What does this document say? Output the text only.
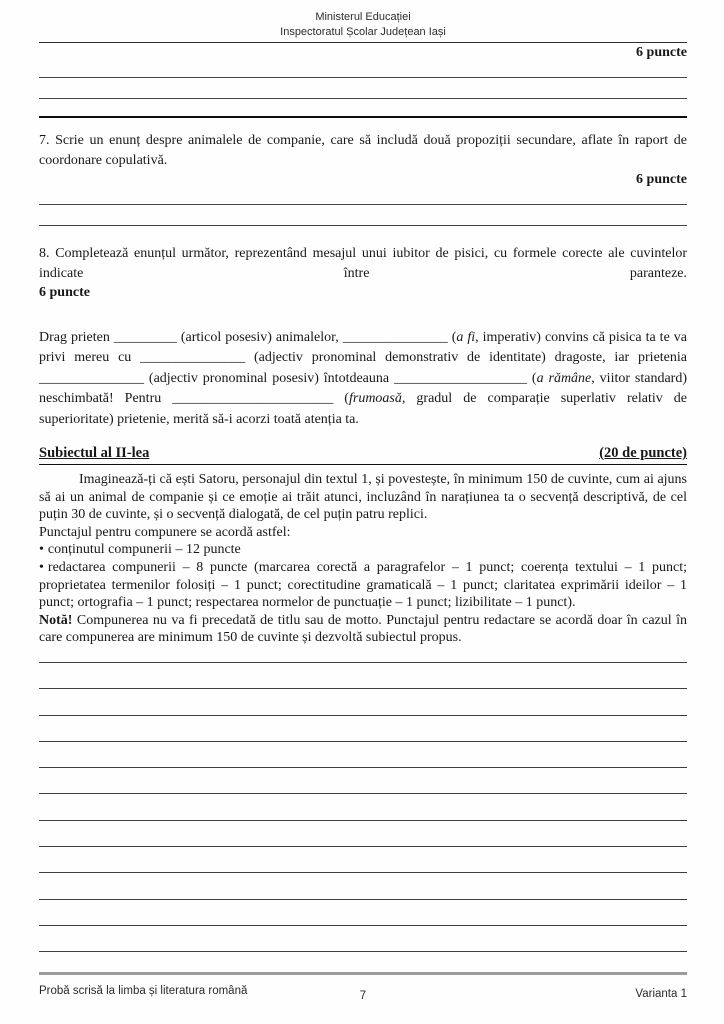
Ministerul Educației
Inspectoratul Școlar Județean Iași
6 puncte

7. Scrie un enunț despre animalele de companie, care să includă două propoziții secundare, aflate în raport de coordonare copulativă.

6 puncte

8. Completează enunțul următor, reprezentând mesajul unui iubitor de pisici, cu formele corecte ale cuvintelor indicate între paranteze.

6 puncte

Drag prieten _________ (articol posesiv) animalelor, _______________ (a fi, imperativ) convins că pisica ta te va privi mereu cu _______________ (adjectiv pronominal demonstrativ de identitate) dragoste, iar prietenia _______________ (adjectiv pronominal posesiv) întotdeauna ___________________ (a rămâne, viitor standard) neschimbată! Pentru _______________________ (frumoasă, gradul de comparație superlativ relativ de superioritate) prietenie, merită să-i acorzi toată atenția ta.

Subiectul al II-lea	(20 de puncte)

Imaginează-ți că ești Satoru, personajul din textul 1, și povestește, în minimum 150 de cuvinte, cum ai ajuns să ai un animal de companie și ce emoție ai trăit atunci, incluzând în narațiunea ta o secvență descriptivă, de cel puțin 30 de cuvinte, și o secvență dialogată, de cel puțin patru replici.

Punctajul pentru compunere se acordă astfel:
• conținutul compunerii – 12 puncte
• redactarea compunerii – 8 puncte (marcarea corectă a paragrafelor – 1 punct; coerența textului – 1 punct; proprietatea termenilor folosiți – 1 punct; corectitudine gramaticală – 1 punct; claritatea exprimării ideilor – 1 punct; ortografia – 1 punct; respectarea normelor de punctuație – 1 punct; lizibilitate – 1 punct).

Notă! Compunerea nu va fi precedată de titlu sau de motto. Punctajul pentru redactare se acordă doar în cazul în care compunerea are minimum 150 de cuvinte și dezvoltă subiectul propus.

Probă scrisă la limba și literatura română	7	Varianta 1
